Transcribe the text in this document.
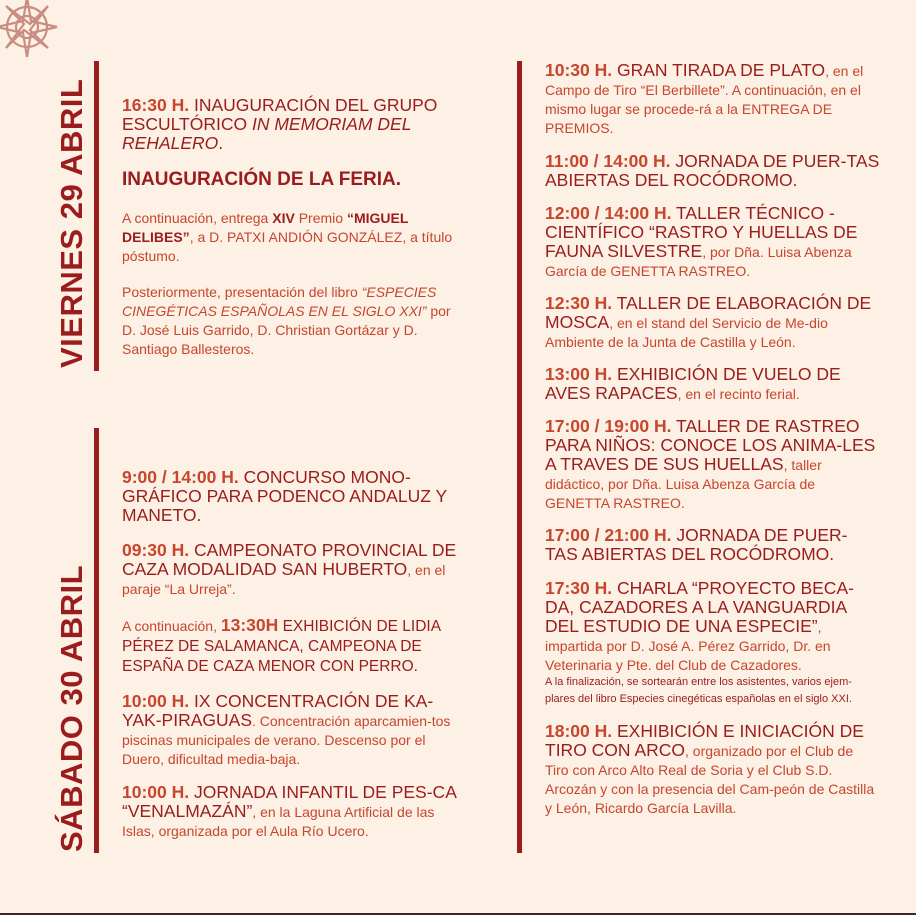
VIERNES 29 ABRIL 16:30 H. INAUGURACIÓN DEL GRUPO ESCULTÓRICO IN MEMORIAM DEL REHALERO.

INAUGURACIÓN DE LA FERIA.

A continuación, entrega XIV Premio “MIGUEL DELIBES”, a D. PATXI ANDIÓN GONZÁLEZ, a título póstumo.

Posteriormente, presentación del libro “ESPECIES CINEGÉTICAS ESPAÑOLAS EN EL SIGLO XXI” por D. José Luis Garrido, D. Christian Gortázar y D. Santiago Ballesteros.

SÁBADO 30 ABRIL

9:00 / 14:00 H. CONCURSO MONO-GRÁFICO PARA PODENCO ANDALUZ Y MANETO.

09:30 H. CAMPEONATO PROVINCIAL DE CAZA MODALIDAD SAN HUBERTO, en el paraje “La Urreja”.

A continuación, 13:30H EXHIBICIÓN DE LIDIA PÉREZ DE SALAMANCA, CAMPEONA DE ESPAÑA DE CAZA MENOR CON PERRO.

10:00 H. IX CONCENTRACIÓN DE KA-YAK-PIRAGUAS. Concentración aparcamien-tos piscinas municipales de verano. Descenso por el Duero, dificultad media-baja.

10:00 H. JORNADA INFANTIL DE PES-CA “VENALMAZÁN”, en la Laguna Artificial de las Islas, organizada por el Aula Río Ucero.

10:30 H. GRAN TIRADA DE PLATO, en el Campo de Tiro “El Berbillete”. A continuación, en el mismo lugar se procede-rá a la ENTREGA DE PREMIOS.

11:00 / 14:00 H. JORNADA DE PUER-TAS ABIERTAS DEL ROCÓDROMO.

12:00 / 14:00 H. TALLER TÉCNICO - CIENTÍFICO “RASTRO Y HUELLAS DE FAUNA SILVESTRE, por Dña. Luisa Abenza García de GENETTA RASTREO.

12:30 H. TALLER DE ELABORACIÓN DE MOSCA, en el stand del Servicio de Me-dio Ambiente de la Junta de Castilla y León.

13:00 H. EXHIBICIÓN DE VUELO DE AVES RAPACES, en el recinto ferial.

17:00 / 19:00 H. TALLER DE RASTREO PARA NIÑOS: CONOCE LOS ANIMA-LES A TRAVES DE SUS HUELLAS, taller didáctico, por Dña. Luisa Abenza García de GENETTA RASTREO.

17:00 / 21:00 H. JORNADA DE PUER-TAS ABIERTAS DEL ROCÓDROMO.

17:30 H. CHARLA “PROYECTO BECA-DA, CAZADORES A LA VANGUARDIA DEL ESTUDIO DE UNA ESPECIE”, impartida por D. José A. Pérez Garrido, Dr. en Veterinaria y Pte. del Club de Cazadores.

A la finalización, se sortearán entre los asistentes, varios ejem-plares del libro Especies cinegéticas españolas en el siglo XXI.

18:00 H. EXHIBICIÓN E INICIACIÓN DE TIRO CON ARCO, organizado por el Club de Tiro con Arco Alto Real de Soria y el Club S.D. Arcozán y con la presencia del Cam-peón de Castilla y León, Ricardo García Lavilla.
